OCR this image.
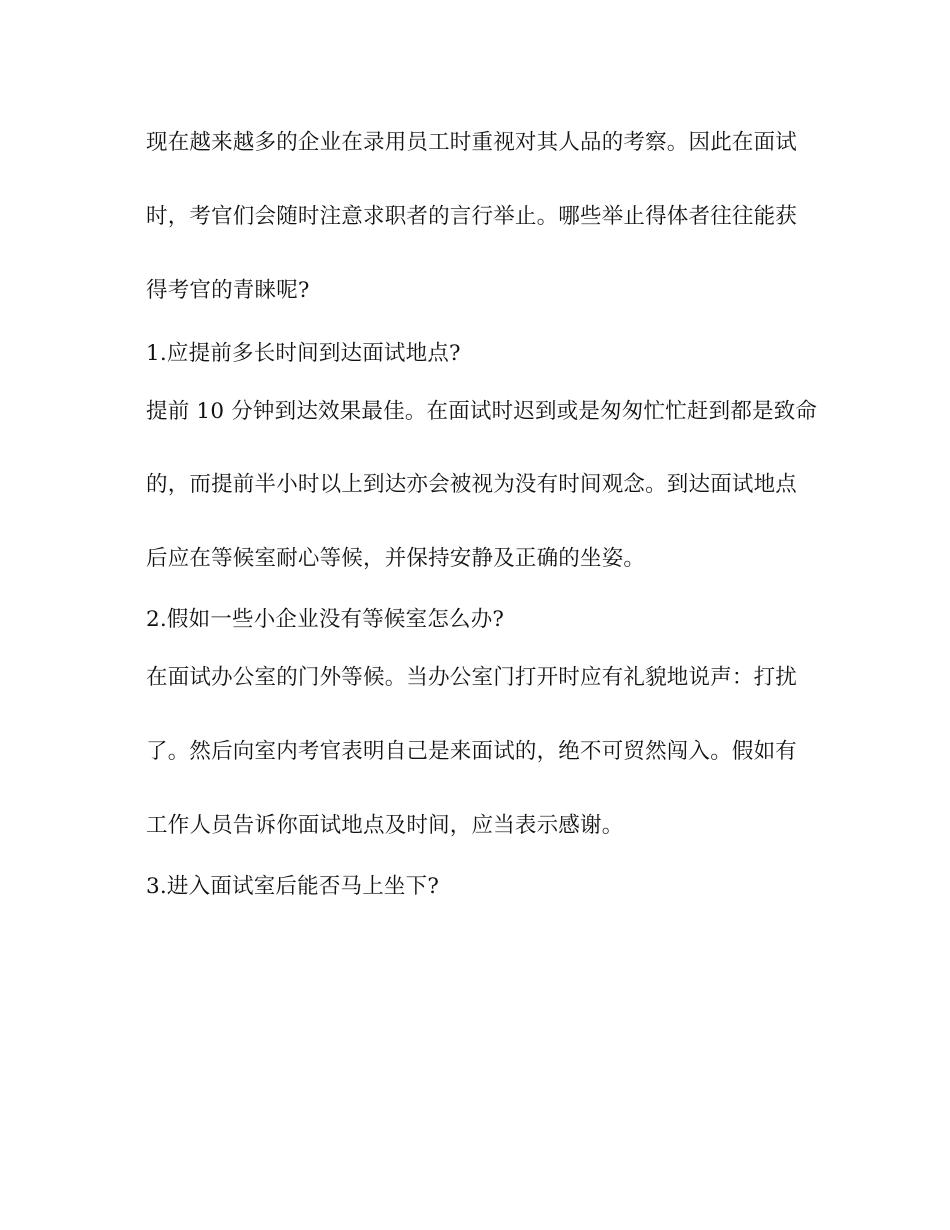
现在越来越多的企业在录用员工时重视对其人品的考察。因此在面试
时，考官们会随时注意求职者的言行举止。哪些举止得体者往往能获
得考官的青睐呢?
1.应提前多长时间到达面试地点?
提前 10 分钟到达效果最佳。在面试时迟到或是匆匆忙忙赶到都是致命
的，而提前半小时以上到达亦会被视为没有时间观念。到达面试地点
后应在等候室耐心等候，并保持安静及正确的坐姿。
2.假如一些小企业没有等候室怎么办?
在面试办公室的门外等候。当办公室门打开时应有礼貌地说声：打扰
了。然后向室内考官表明自己是来面试的，绝不可贸然闯入。假如有
工作人员告诉你面试地点及时间，应当表示感谢。
3.进入面试室后能否马上坐下?
